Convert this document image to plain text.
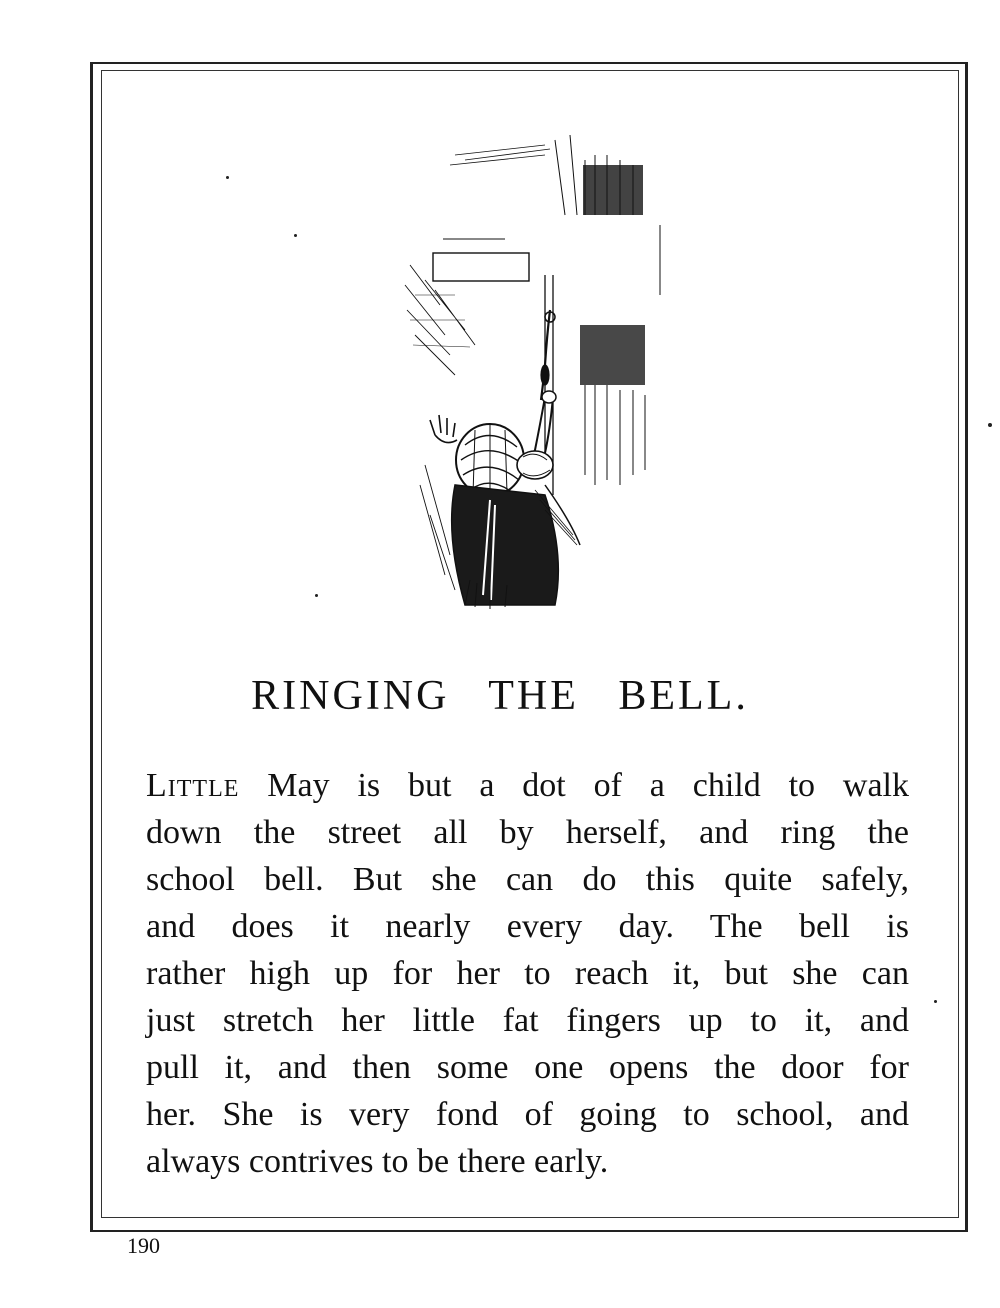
RINGING THE BELL.
Little May is but a dot of a child to walk
down the street all by herself, and ring the
school bell. But she can do this quite safely,
and does it nearly every day. The bell is
rather high up for her to reach it, but she can
just stretch her little fat fingers up to it, and
pull it, and then some one opens the door for
her. She is very fond of going to school, and
always contrives to be there early.
190
